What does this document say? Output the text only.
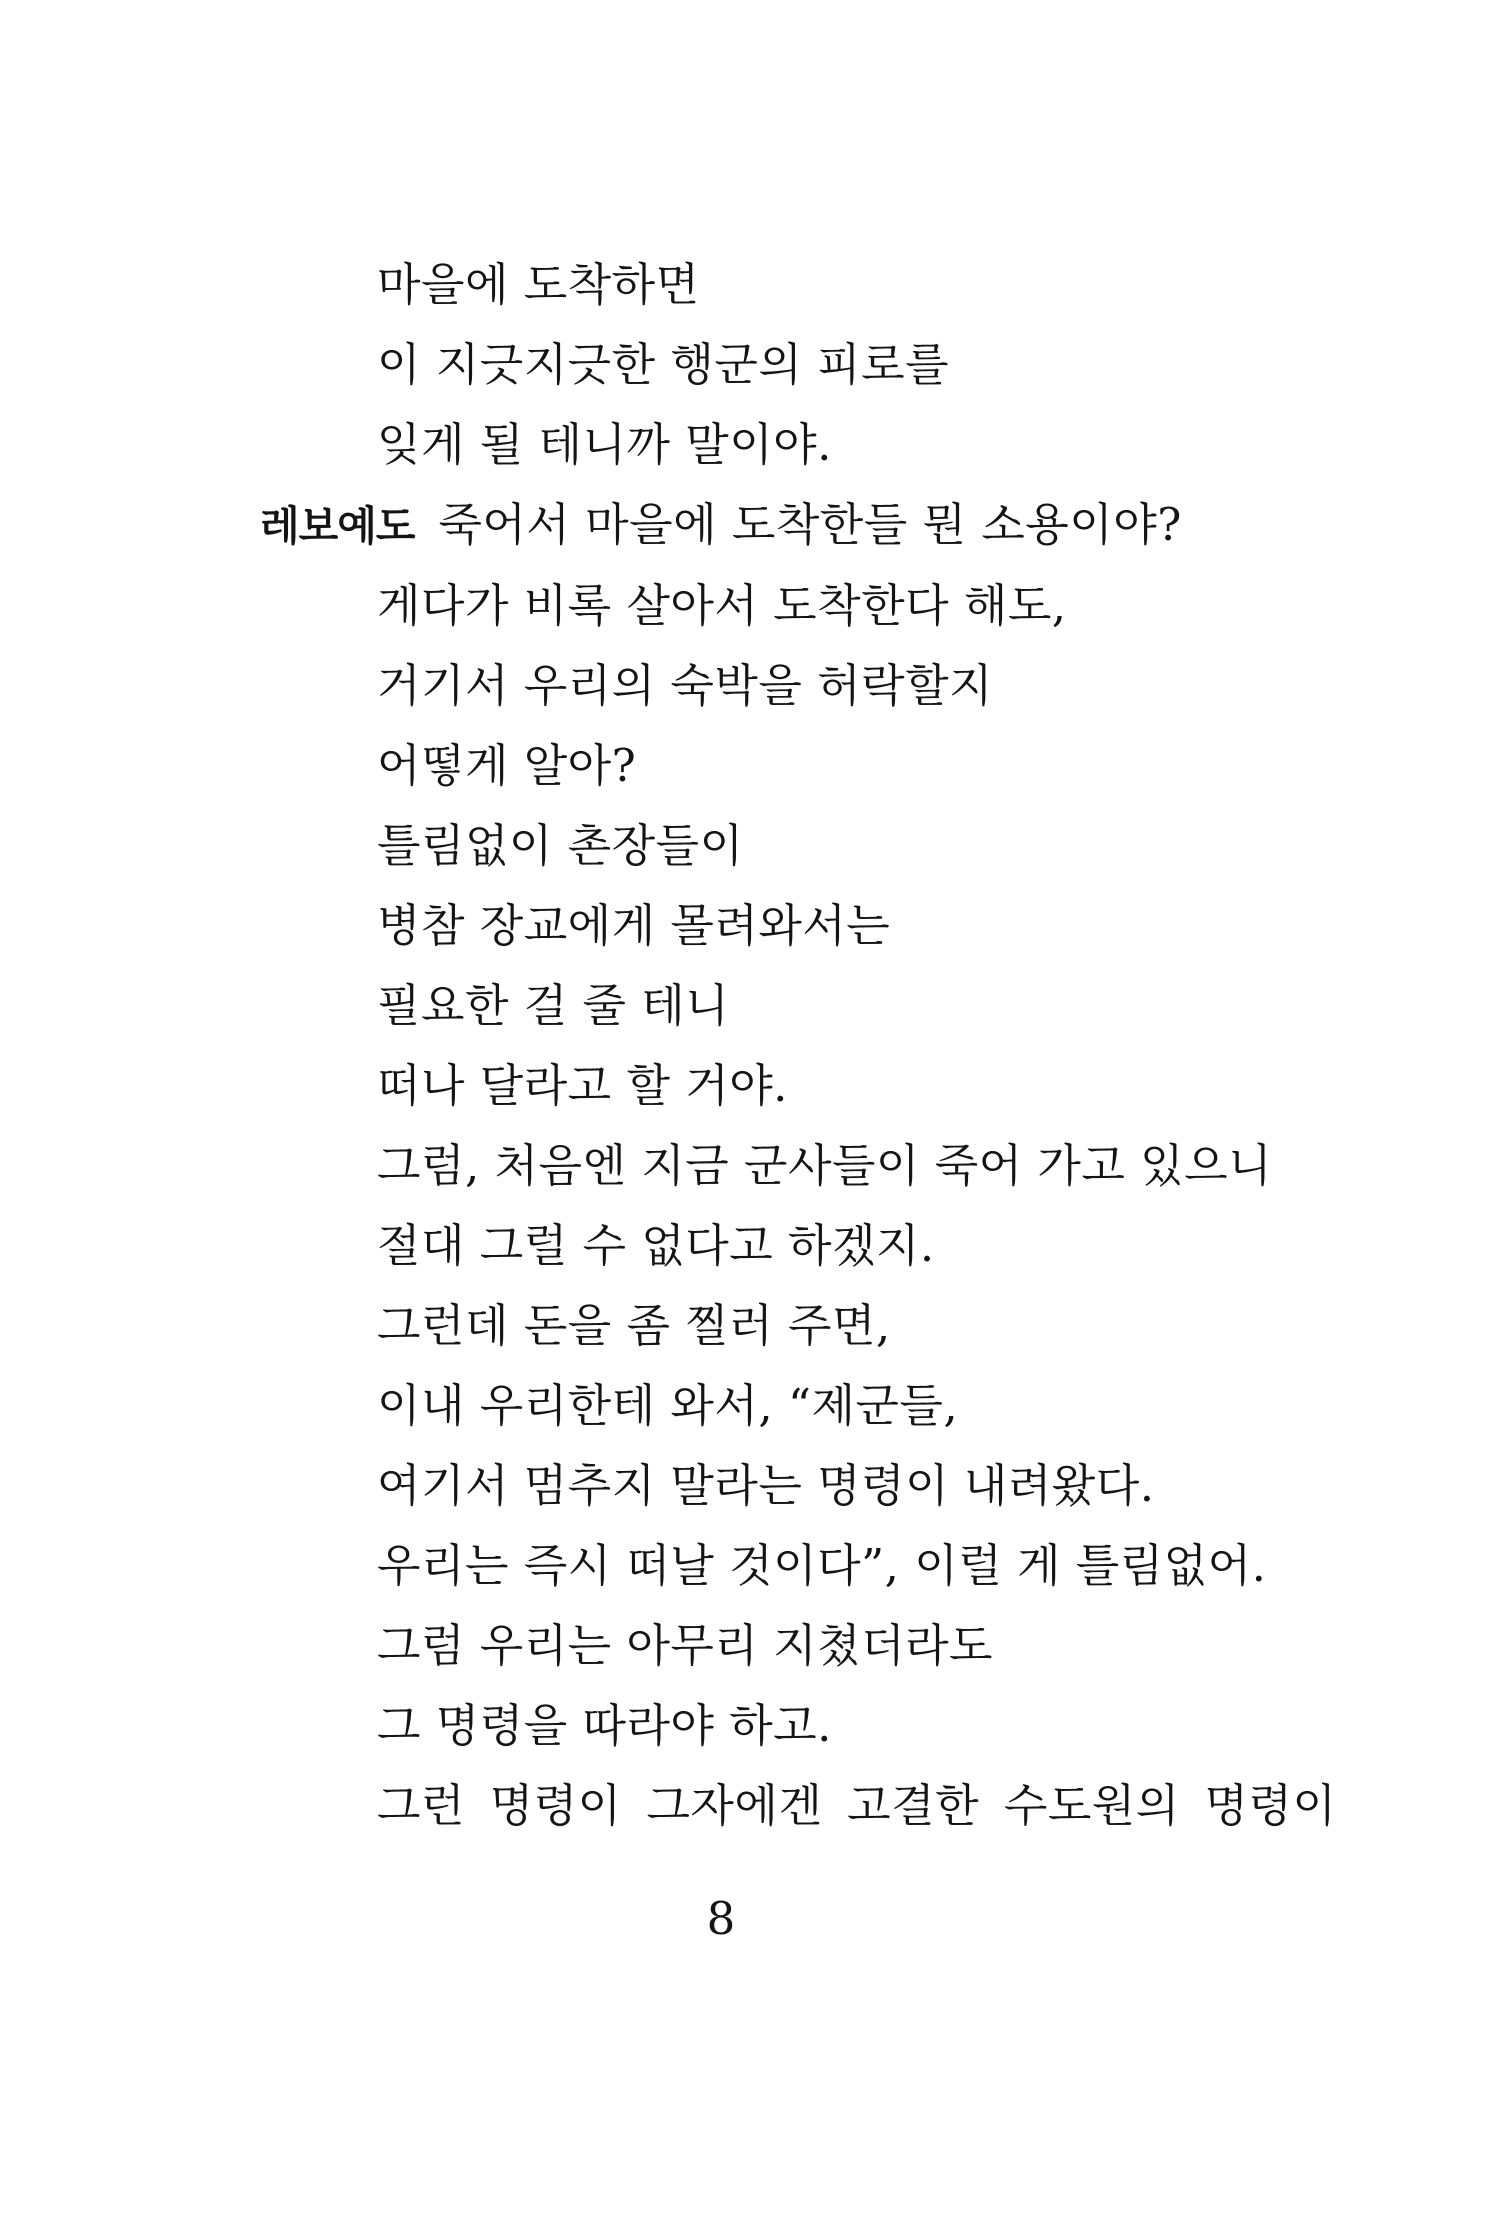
마을에 도착하면
이 지긋지긋한 행군의 피로를
잊게 될 테니까 말이야.
레보예도 죽어서 마을에 도착한들 뭔 소용이야?
게다가 비록 살아서 도착한다 해도,
거기서 우리의 숙박을 허락할지
어떻게 알아?
틀림없이 촌장들이
병참 장교에게 몰려와서는
필요한 걸 줄 테니
떠나 달라고 할 거야.
그럼, 처음엔 지금 군사들이 죽어 가고 있으니
절대 그럴 수 없다고 하겠지.
그런데 돈을 좀 찔러 주면,
이내 우리한테 와서, “제군들,
여기서 멈추지 말라는 명령이 내려왔다.
우리는 즉시 떠날 것이다”, 이럴 게 틀림없어.
그럼 우리는 아무리 지쳤더라도
그 명령을 따라야 하고.
그런 명령이 그자에겐 고결한 수도원의 명령이
8
